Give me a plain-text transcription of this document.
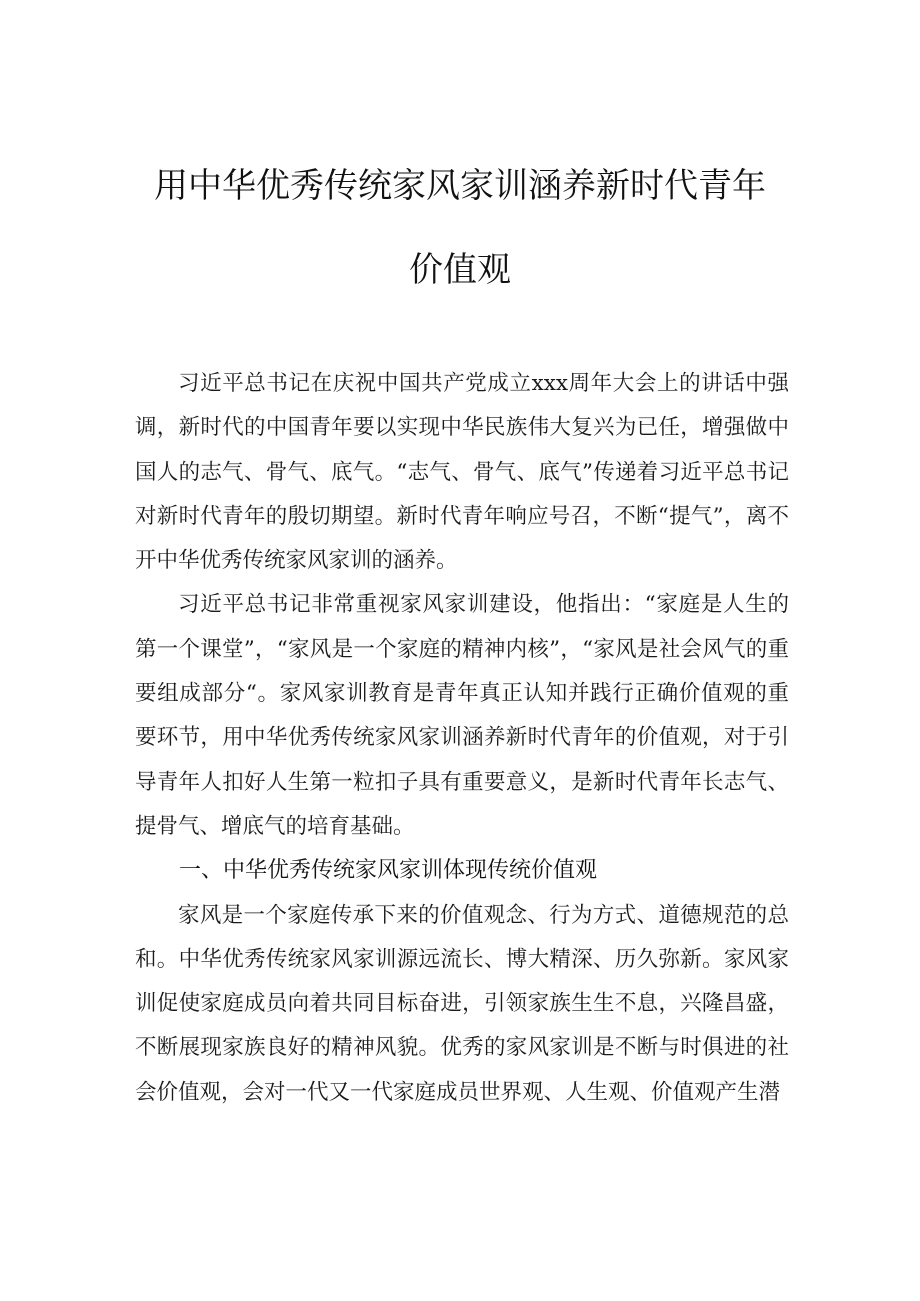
用中华优秀传统家风家训涵养新时代青年
价值观

习近平总书记在庆祝中国共产党成立xxx周年大会上的讲话中强调，新时代的中国青年要以实现中华民族伟大复兴为已任，增强做中国人的志气、骨气、底气。“志气、骨气、底气”传递着习近平总书记对新时代青年的殷切期望。新时代青年响应号召，不断“提气”，离不开中华优秀传统家风家训的涵养。

习近平总书记非常重视家风家训建设，他指出：“家庭是人生的第一个课堂”，“家风是一个家庭的精神内核”，“家风是社会风气的重要组成部分“。家风家训教育是青年真正认知并践行正确价值观的重要环节，用中华优秀传统家风家训涵养新时代青年的价值观，对于引导青年人扣好人生第一粒扣子具有重要意义，是新时代青年长志气、提骨气、增底气的培育基础。

一、中华优秀传统家风家训体现传统价值观

家风是一个家庭传承下来的价值观念、行为方式、道德规范的总和。中华优秀传统家风家训源远流长、博大精深、历久弥新。家风家训促使家庭成员向着共同目标奋进，引领家族生生不息，兴隆昌盛，不断展现家族良好的精神风貌。优秀的家风家训是不断与时俱进的社会价值观，会对一代又一代家庭成员世界观、人生观、价值观产生潜
